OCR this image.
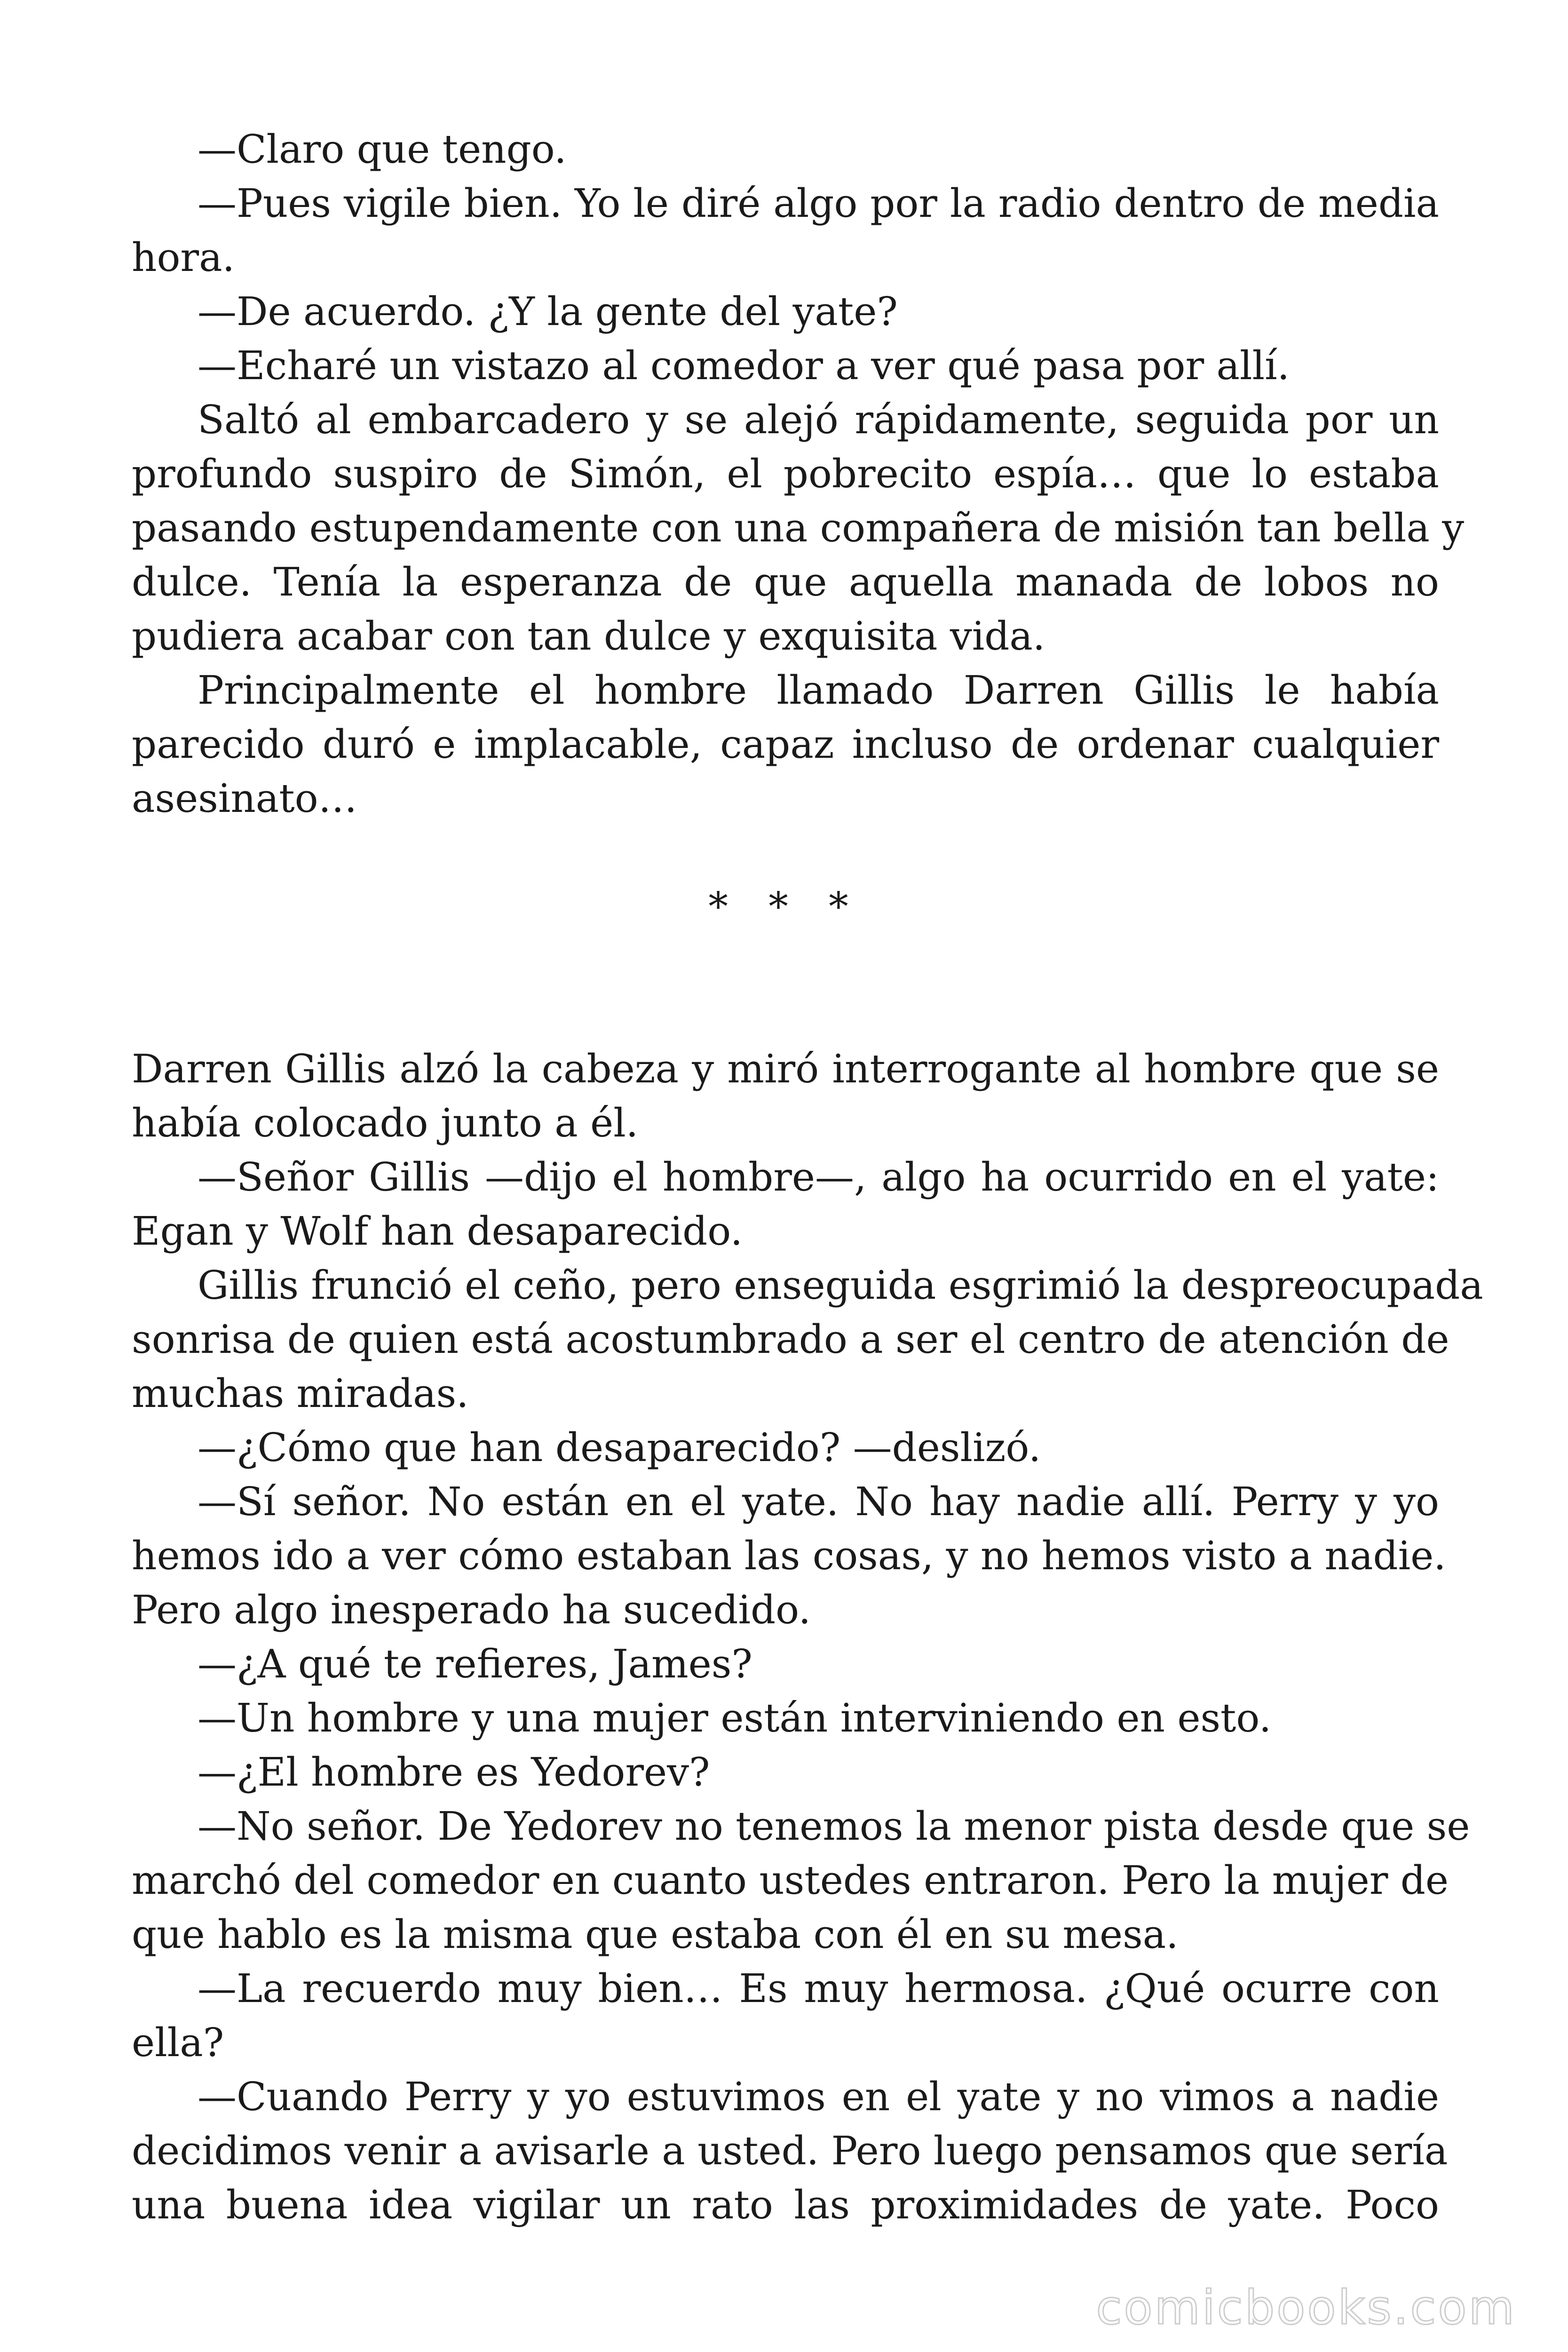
—Claro que tengo.
—Pues vigile bien. Yo le diré algo por la radio dentro de media
hora.
—De acuerdo. ¿Y la gente del yate?
—Echaré un vistazo al comedor a ver qué pasa por allí.
Saltó al embarcadero y se alejó rápidamente, seguida por un
profundo suspiro de Simón, el pobrecito espía… que lo estaba
pasando estupendamente con una compañera de misión tan bella y
dulce. Tenía la esperanza de que aquella manada de lobos no
pudiera acabar con tan dulce y exquisita vida.
Principalmente el hombre llamado Darren Gillis le había
parecido duró e implacable, capaz incluso de ordenar cualquier
asesinato…
* * *
Darren Gillis alzó la cabeza y miró interrogante al hombre que se
había colocado junto a él.
—Señor Gillis —dijo el hombre—, algo ha ocurrido en el yate:
Egan y Wolf han desaparecido.
Gillis frunció el ceño, pero enseguida esgrimió la despreocupada
sonrisa de quien está acostumbrado a ser el centro de atención de
muchas miradas.
—¿Cómo que han desaparecido? —deslizó.
—Sí señor. No están en el yate. No hay nadie allí. Perry y yo
hemos ido a ver cómo estaban las cosas, y no hemos visto a nadie.
Pero algo inesperado ha sucedido.
—¿A qué te refieres, James?
—Un hombre y una mujer están interviniendo en esto.
—¿El hombre es Yedorev?
—No señor. De Yedorev no tenemos la menor pista desde que se
marchó del comedor en cuanto ustedes entraron. Pero la mujer de
que hablo es la misma que estaba con él en su mesa.
—La recuerdo muy bien… Es muy hermosa. ¿Qué ocurre con
ella?
—Cuando Perry y yo estuvimos en el yate y no vimos a nadie
decidimos venir a avisarle a usted. Pero luego pensamos que sería
una buena idea vigilar un rato las proximidades de yate. Poco
comicbooks.com
